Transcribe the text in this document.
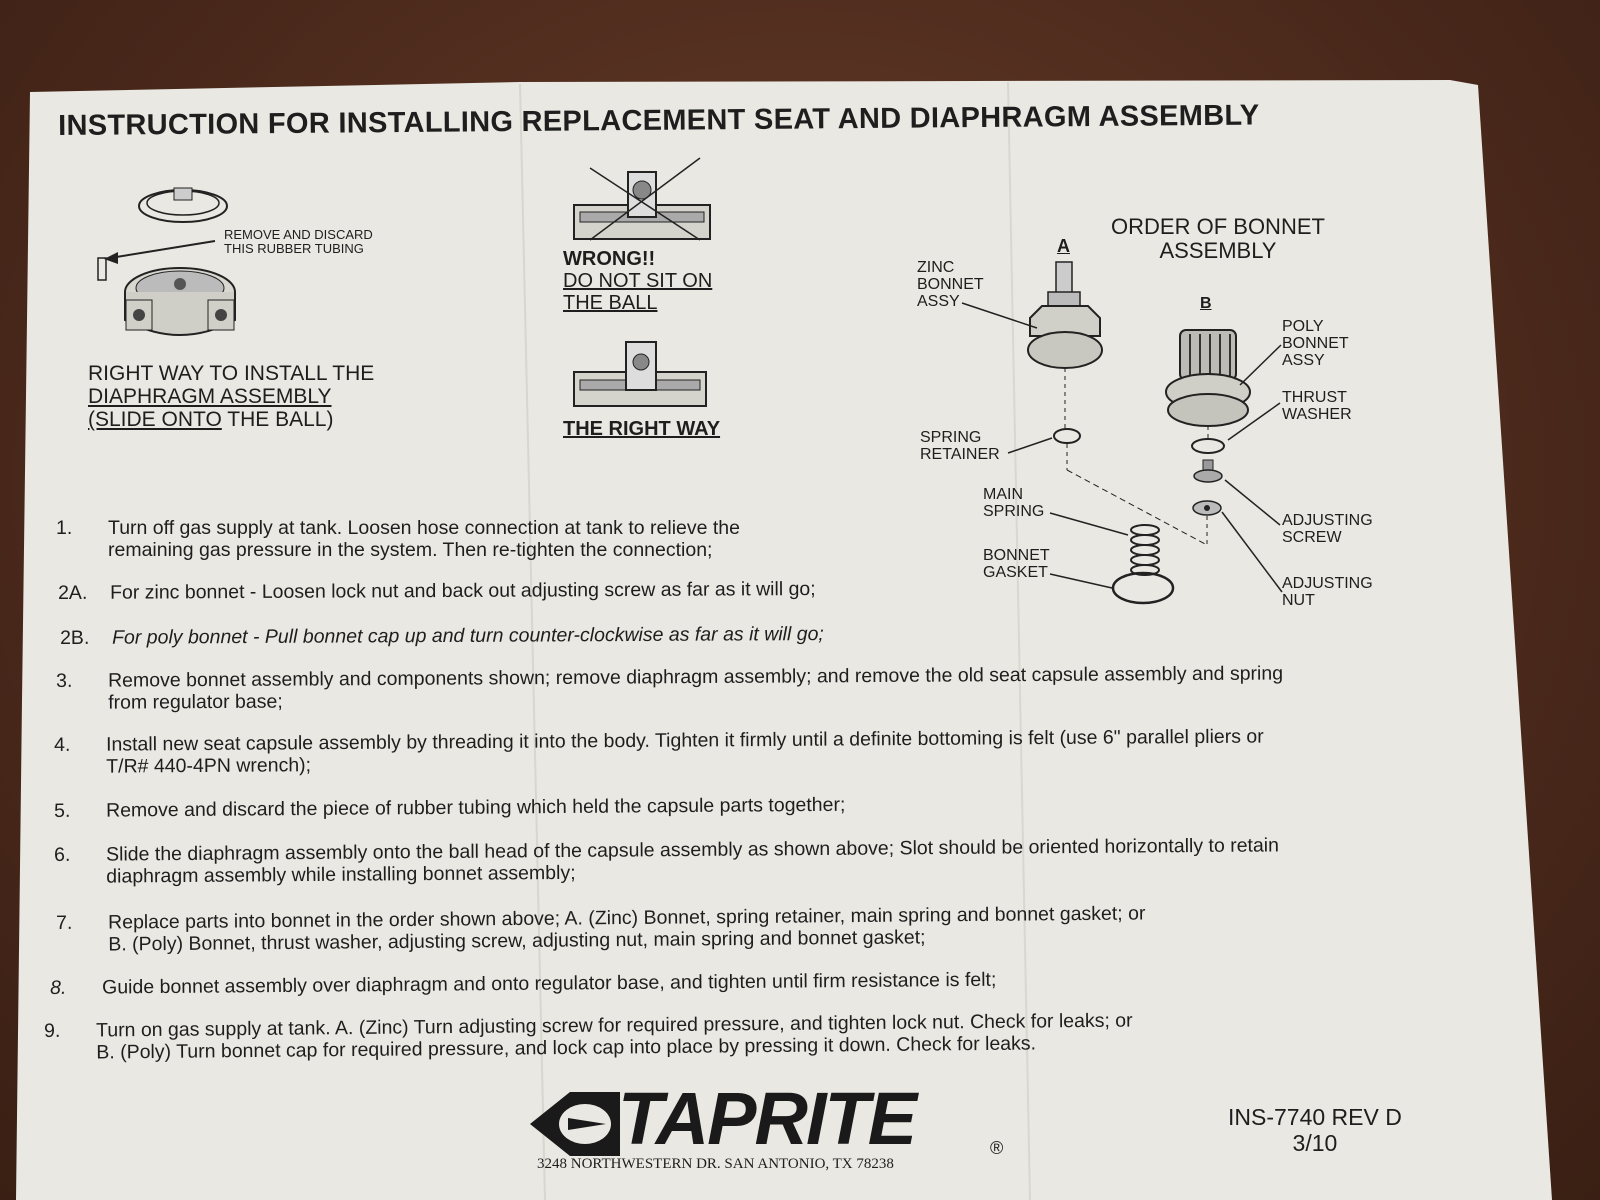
INSTRUCTION FOR INSTALLING REPLACEMENT SEAT AND DIAPHRAGM ASSEMBLY
REMOVE AND DISCARD
THIS RUBBER TUBING
RIGHT WAY TO INSTALL THE
DIAPHRAGM ASSEMBLY
(SLIDE ONTO THE BALL)
WRONG!!
DO NOT SIT ON
THE BALL
THE RIGHT WAY
ORDER OF BONNET
ASSEMBLY
A
B
ZINC
BONNET
ASSY
SPRING
RETAINER
MAIN
SPRING
BONNET
GASKET
POLY
BONNET
ASSY
THRUST
WASHER
ADJUSTING
SCREW
ADJUSTING
NUT
1.	Turn off gas supply at tank. Loosen hose connection at tank to relieve the
remaining gas pressure in the system. Then re-tighten the connection;
2A.	For zinc bonnet - Loosen lock nut and back out adjusting screw as far as it will go;
2B.	For poly bonnet - Pull bonnet cap up and turn counter-clockwise as far as it will go;
3.	Remove bonnet assembly and components shown; remove diaphragm assembly; and remove the old seat capsule assembly and spring
from regulator base;
4.	Install new seat capsule assembly by threading it into the body. Tighten it firmly until a definite bottoming is felt (use 6" parallel pliers or
T/R# 440-4PN wrench);
5.	Remove and discard the piece of rubber tubing which held the capsule parts together;
6.	Slide the diaphragm assembly onto the ball head of the capsule assembly as shown above; Slot should be oriented horizontally to retain
diaphragm assembly while installing bonnet assembly;
7.	Replace parts into bonnet in the order shown above; A. (Zinc) Bonnet, spring retainer, main spring and bonnet gasket; or
B. (Poly) Bonnet, thrust washer, adjusting screw, adjusting nut, main spring and bonnet gasket;
8.	Guide bonnet assembly over diaphragm and onto regulator base, and tighten until firm resistance is felt;
9.	Turn on gas supply at tank. A. (Zinc) Turn adjusting screw for required pressure, and tighten lock nut. Check for leaks; or
B. (Poly) Turn bonnet cap for required pressure, and lock cap into place by pressing it down. Check for leaks.
TAPRITE	®
3248 NORTHWESTERN DR. SAN ANTONIO, TX 78238
INS-7740 REV D
3/10
